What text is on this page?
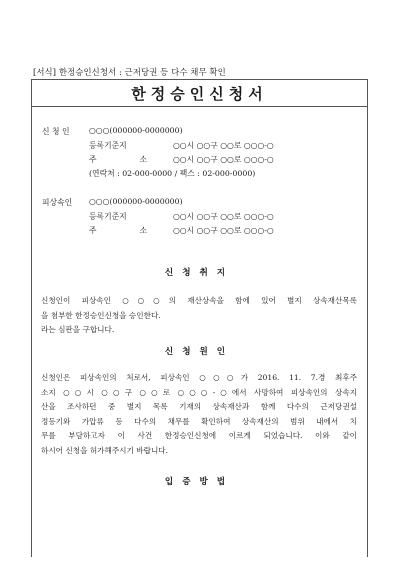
[서식] 한정승인신청서 : 근저당권 등 다수 채무 확인
한정승인신청서
신 청 인 ○○○(000000-0000000)
등록기준지	○○시 ○○구 ○○로 ○○○-○
주	소	○○시 ○○구 ○○로 ○○○-○
(연락처 : 02-000-0000 / 팩스 : 02-000-0000)
피상속인 ○○○(000000-0000000)
등록기준지	○○시 ○○구 ○○로 ○○○-○
주	소	○○시 ○○구 ○○로 ○○○-○
신청취지
신청인이 피상속인 ○○○의 재산상속을 함에 있어 별지 상속재산목록
을 첨부한 한정승인신청을 승인한다.
라는 심판을 구합니다.
신청원인
신청인은 피상속인의 처로서, 피상속인 ○○○가 2016. 11. 7.경 최후주
소지 ○○시 ○○구 ○○로 ○○○-○에서 사망하여 피상속인의 상속지
산을 조사하던 중 별지 목록 기재의 상속재산과 함께 다수의 근저당권설
정등기와 가압류 등 다수의 채무를 확인하여 상속재산의 범위 내에서 치
무를 부담하고자 이 사건 한정승인신청에 이르게 되었습니다. 이와 같이
하시어 신청을 허가해주시기 바랍니다.
입증방법
